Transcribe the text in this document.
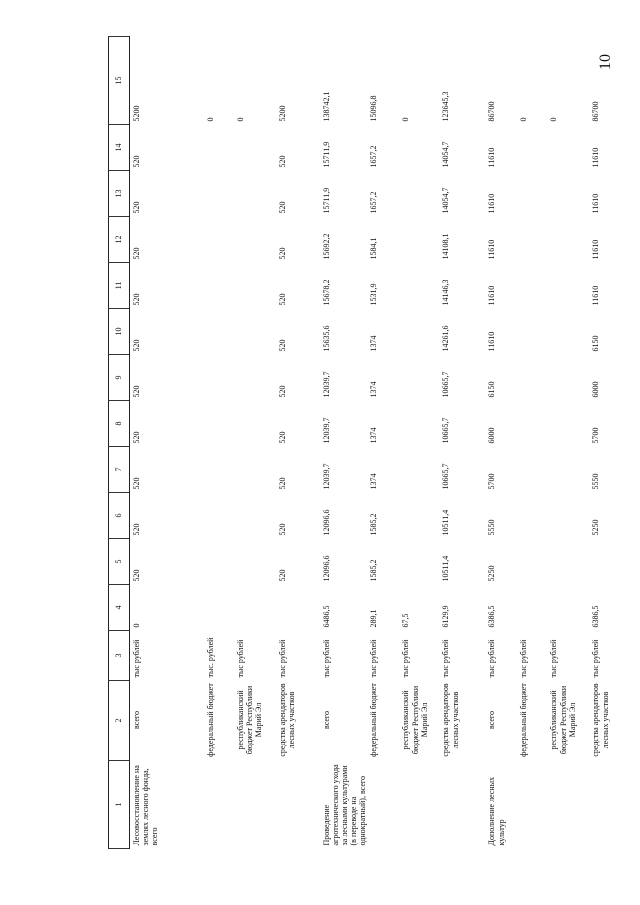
10
1	2	3	4	5	6	7	8	9	10	11	12	13	14	15
Лесовосстановление на землях лесного фонда, всего	всего	тыс рублей	0	520	520	520	520	520	520	520	520	520	520	5200
	федеральный бюджет	тыс. рублей												0
	республиканский бюджет Республики Марий Эл	тыс рублей												0
	средства арендаторов лесных участков	тыс рублей		520	520	520	520	520	520	520	520	520	520	5200
Проведение агротехнического ухода за лесными культурами (в переводе на однократный), всего	всего	тыс рублей	6486,5	12096,6	12096,6	12039,7	12039,7	12039,7	15635,6	15678,2	15692,2	15711,9	15711,9	138742,1
	федеральный бюджет	тыс рублей	289,1	1585,2	1585,2	1374	1374	1374	1374	1531,9	1584,1	1657,2	1657,2	15096,8
	республиканский бюджет Республики Марий Эл	тыс рублей	67,5											0
	средства арендаторов лесных участков	тыс рублей	6129,9	10511,4	10511,4	10665,7	10665,7	10665,7	14261,6	14146,3	14108,1	14054,7	14054,7	123645,3
Дополнение лесных культур	всего	тыс рублей	6386,5	5250	5550	5700	6000	6150	11610	11610	11610	11610	11610	86700
	федеральный бюджет	тыс рублей												0
	республиканский бюджет Республики Марий Эл	тыс рублей												0
	средства арендаторов лесных участков	тыс рублей	6386,5		5250	5550	5700	6000	6150	11610	11610	11610	11610	86700
